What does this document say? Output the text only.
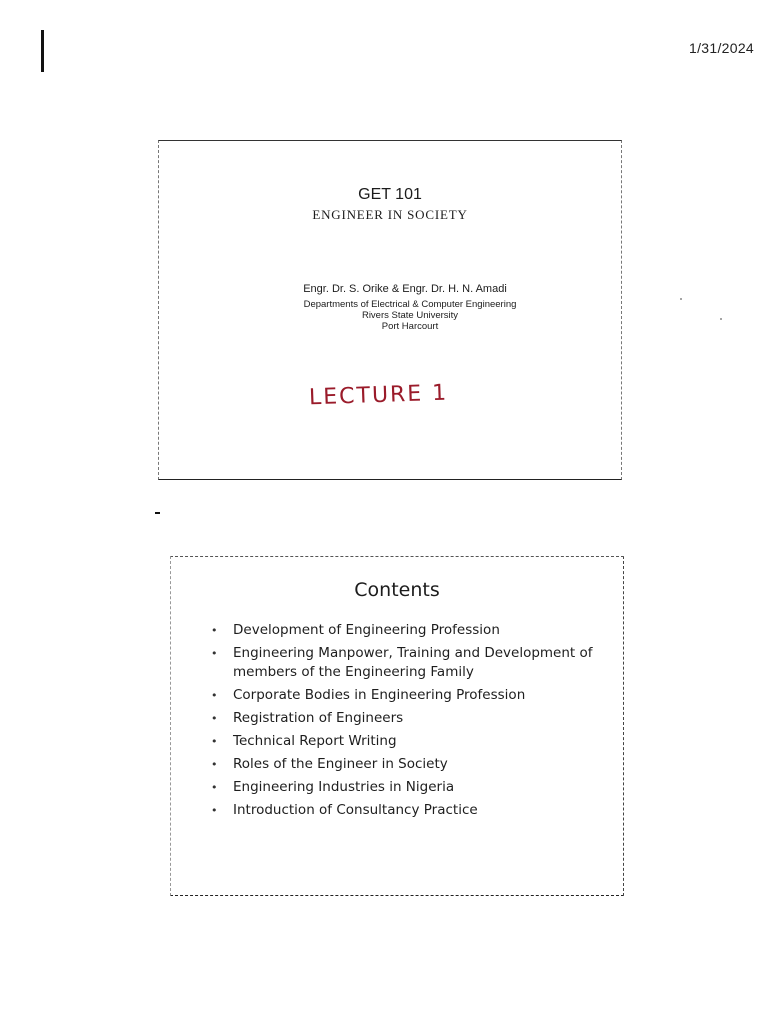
1/31/2024
GET 101
ENGINEER IN SOCIETY
Engr. Dr. S. Orike & Engr. Dr. H. N. Amadi
Departments of Electrical & Computer Engineering
Rivers State University
Port Harcourt
LECTURE 1
Contents
• Development of Engineering Profession
• Engineering Manpower, Training and Development of members of the Engineering Family
• Corporate Bodies in Engineering Profession
• Registration of Engineers
• Technical Report Writing
• Roles of the Engineer in Society
• Engineering Industries in Nigeria
• Introduction of Consultancy Practice
